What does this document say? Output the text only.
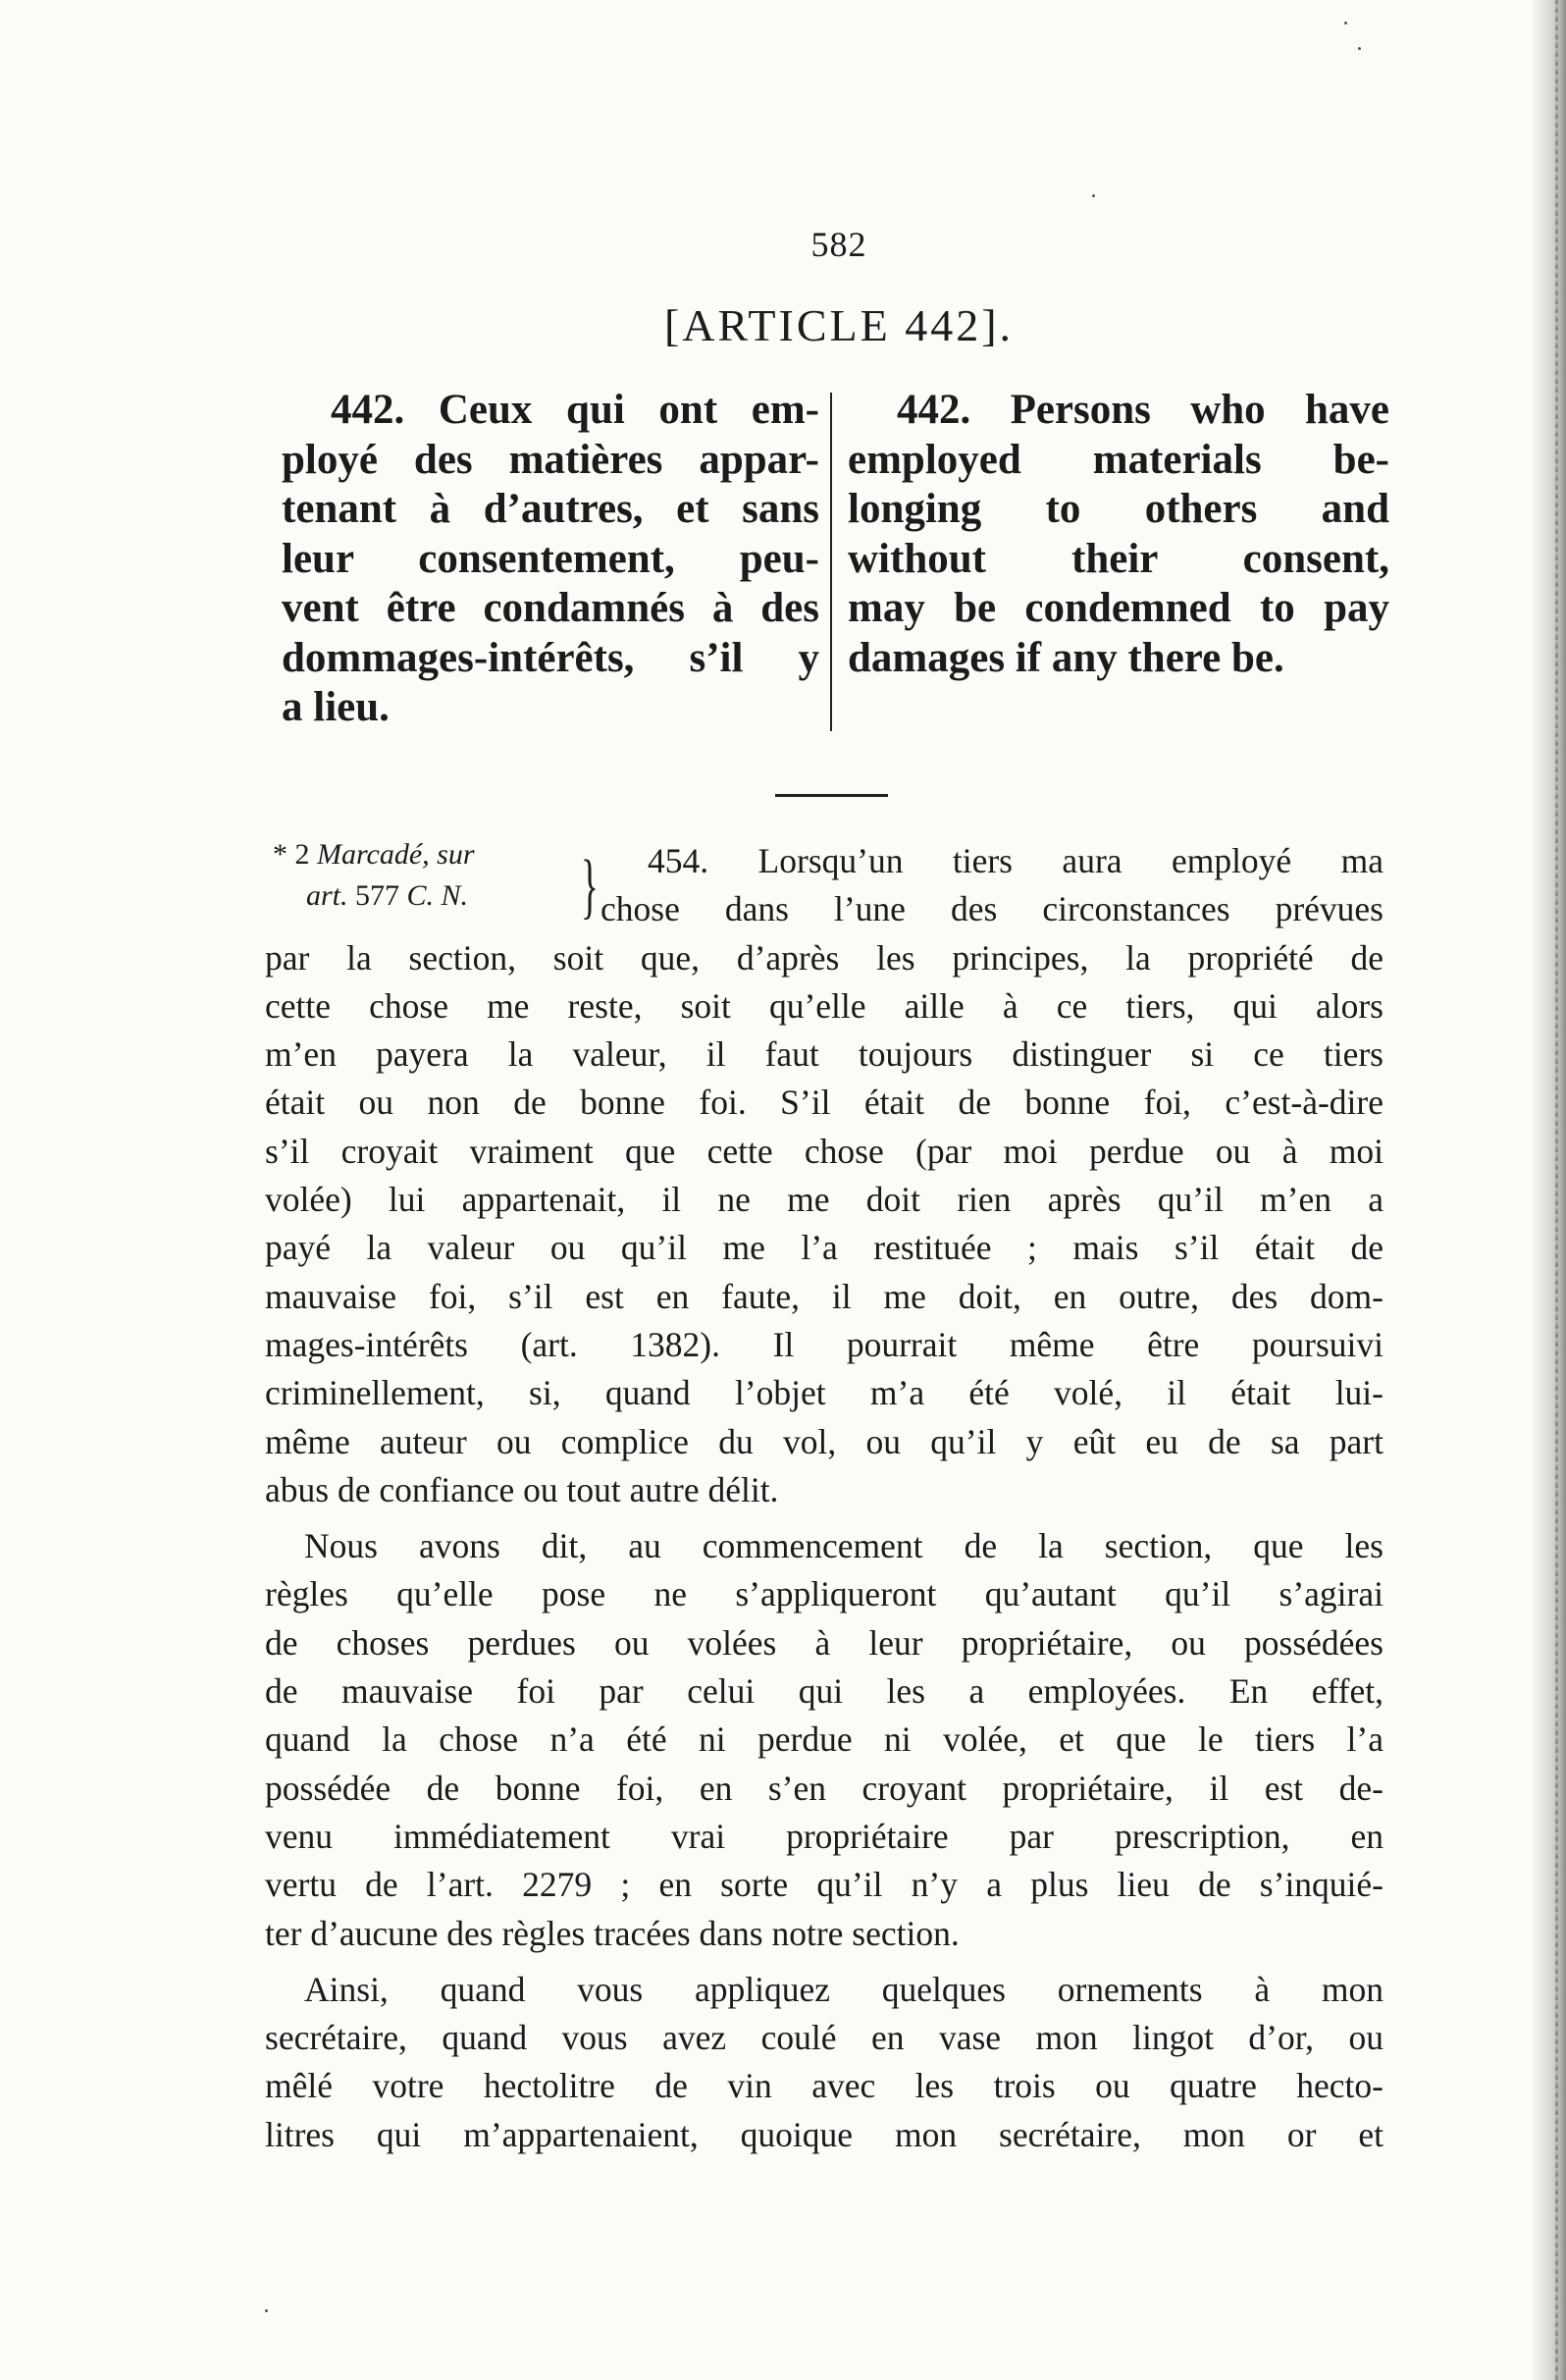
582
[ARTICLE 442].
442. Ceux qui ont em-
ployé des matières appar-
tenant à d’autres, et sans
leur consentement, peu-
vent être condamnés à des
dommages-intérêts, s’il y
a lieu.
442. Persons who have
employed materials be-
longing to others and
without their consent,
may be condemned to pay
damages if any there be.
* 2 Marcadé, sur
art. 577 C. N.	} 454. Lorsqu’un tiers aura employé ma
chose dans l’une des circonstances prévues
par la section, soit que, d’après les principes, la propriété de
cette chose me reste, soit qu’elle aille à ce tiers, qui alors
m’en payera la valeur, il faut toujours distinguer si ce tiers
était ou non de bonne foi. S’il était de bonne foi, c’est-à-dire
s’il croyait vraiment que cette chose (par moi perdue ou à moi
volée) lui appartenait, il ne me doit rien après qu’il m’en a
payé la valeur ou qu’il me l’a restituée ; mais s’il était de
mauvaise foi, s’il est en faute, il me doit, en outre, des dom-
mages-intérêts (art. 1382). Il pourrait même être poursuivi
criminellement, si, quand l’objet m’a été volé, il était lui-
même auteur ou complice du vol, ou qu’il y eût eu de sa part
abus de confiance ou tout autre délit.
Nous avons dit, au commencement de la section, que les
règles qu’elle pose ne s’appliqueront qu’autant qu’il s’agirai
de choses perdues ou volées à leur propriétaire, ou possédées
de mauvaise foi par celui qui les a employées. En effet,
quand la chose n’a été ni perdue ni volée, et que le tiers l’a
possédée de bonne foi, en s’en croyant propriétaire, il est de-
venu immédiatement vrai propriétaire par prescription, en
vertu de l’art. 2279 ; en sorte qu’il n’y a plus lieu de s’inquié-
ter d’aucune des règles tracées dans notre section.
Ainsi, quand vous appliquez quelques ornements à mon
secrétaire, quand vous avez coulé en vase mon lingot d’or, ou
mêlé votre hectolitre de vin avec les trois ou quatre hecto-
litres qui m’appartenaient, quoique mon secrétaire, mon or et
